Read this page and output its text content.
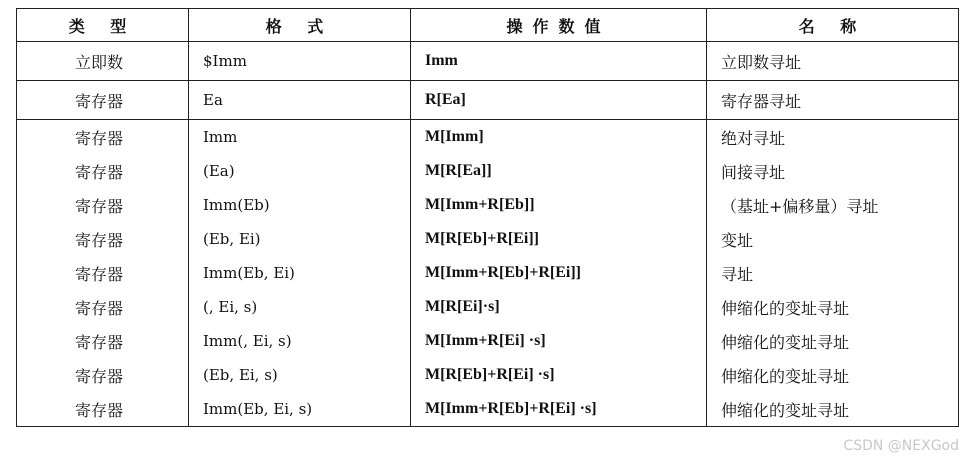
类 型	格 式	操作数值	名 称
立即数	$Imm	Imm	立即数寻址
寄存器	Ea	R[Ea]	寄存器寻址
寄存器	Imm	M[Imm]	绝对寻址
寄存器	(Ea)	M[R[Ea]]	间接寻址
寄存器	Imm(Eb)	M[Imm+R[Eb]]	（基址+偏移量）寻址
寄存器	(Eb, Ei)	M[R[Eb]+R[Ei]]	变址
寄存器	Imm(Eb, Ei)	M[Imm+R[Eb]+R[Ei]]	寻址
寄存器	(, Ei, s)	M[R[Ei]·s]	伸缩化的变址寻址
寄存器	Imm(, Ei, s)	M[Imm+R[Ei] ·s]	伸缩化的变址寻址
寄存器	(Eb, Ei, s)	M[R[Eb]+R[Ei] ·s]	伸缩化的变址寻址
寄存器	Imm(Eb, Ei, s)	M[Imm+R[Eb]+R[Ei] ·s]	伸缩化的变址寻址
CSDN @NEXGod
